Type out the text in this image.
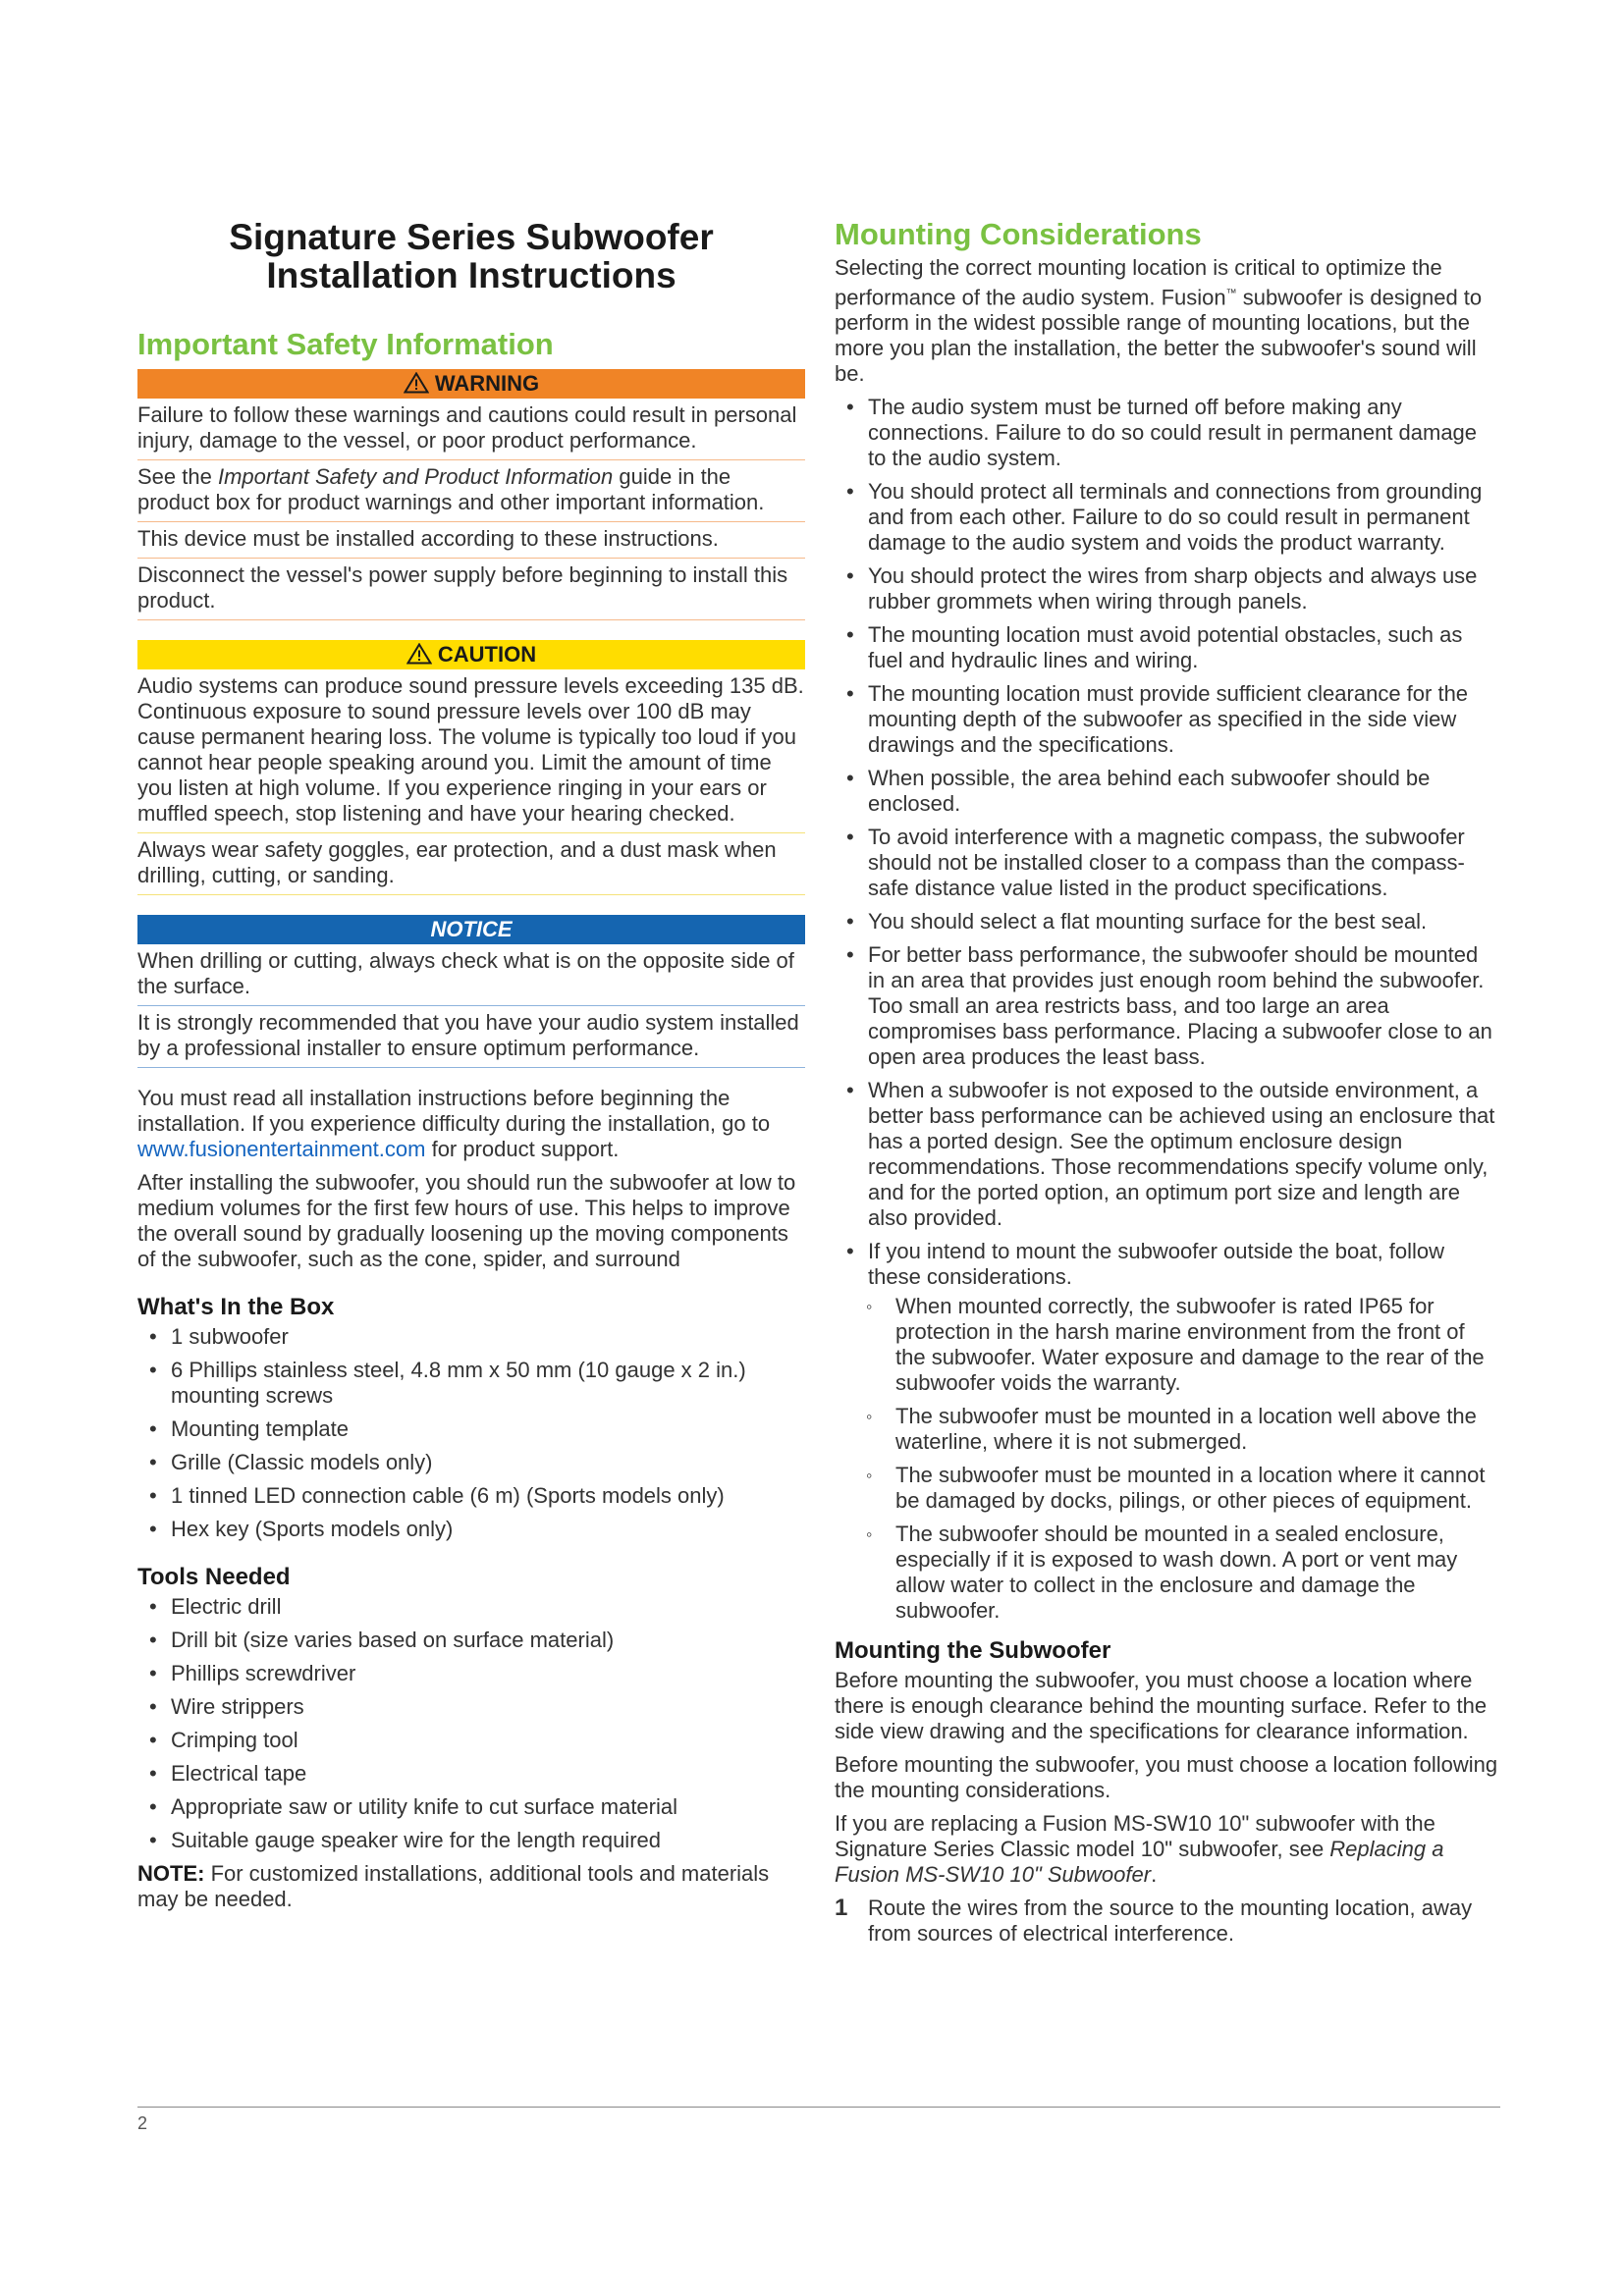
Signature Series Subwoofer
Installation Instructions
Important Safety Information
WARNING
Failure to follow these warnings and cautions could result in personal injury, damage to the vessel, or poor product performance.
See the Important Safety and Product Information guide in the product box for product warnings and other important information.
This device must be installed according to these instructions.
Disconnect the vessel's power supply before beginning to install this product.
CAUTION
Audio systems can produce sound pressure levels exceeding 135 dB. Continuous exposure to sound pressure levels over 100 dB may cause permanent hearing loss. The volume is typically too loud if you cannot hear people speaking around you. Limit the amount of time you listen at high volume. If you experience ringing in your ears or muffled speech, stop listening and have your hearing checked.
Always wear safety goggles, ear protection, and a dust mask when drilling, cutting, or sanding.
NOTICE
When drilling or cutting, always check what is on the opposite side of the surface.
It is strongly recommended that you have your audio system installed by a professional installer to ensure optimum performance.

You must read all installation instructions before beginning the installation. If you experience difficulty during the installation, go to www.fusionentertainment.com for product support.

After installing the subwoofer, you should run the subwoofer at low to medium volumes for the first few hours of use. This helps to improve the overall sound by gradually loosening up the moving components of the subwoofer, such as the cone, spider, and surround

What's In the Box
• 1 subwoofer
• 6 Phillips stainless steel, 4.8 mm x 50 mm (10 gauge x 2 in.) mounting screws
• Mounting template
• Grille (Classic models only)
• 1 tinned LED connection cable (6 m) (Sports models only)
• Hex key (Sports models only)
Tools Needed
• Electric drill
• Drill bit (size varies based on surface material)
• Phillips screwdriver
• Wire strippers
• Crimping tool
• Electrical tape
• Appropriate saw or utility knife to cut surface material
• Suitable gauge speaker wire for the length required

NOTE: For customized installations, additional tools and materials may be needed.

Mounting Considerations

Selecting the correct mounting location is critical to optimize the performance of the audio system. Fusion™ subwoofer is designed to perform in the widest possible range of mounting locations, but the more you plan the installation, the better the subwoofer's sound will be.

• The audio system must be turned off before making any connections. Failure to do so could result in permanent damage to the audio system.
• You should protect all terminals and connections from grounding and from each other. Failure to do so could result in permanent damage to the audio system and voids the product warranty.
• You should protect the wires from sharp objects and always use rubber grommets when wiring through panels.
• The mounting location must avoid potential obstacles, such as fuel and hydraulic lines and wiring.
• The mounting location must provide sufficient clearance for the mounting depth of the subwoofer as specified in the side view drawings and the specifications.
• When possible, the area behind each subwoofer should be enclosed.
• To avoid interference with a magnetic compass, the subwoofer should not be installed closer to a compass than the compass-safe distance value listed in the product specifications.
• You should select a flat mounting surface for the best seal.
• For better bass performance, the subwoofer should be mounted in an area that provides just enough room behind the subwoofer. Too small an area restricts bass, and too large an area compromises bass performance. Placing a subwoofer close to an open area produces the least bass.
• When a subwoofer is not exposed to the outside environment, a better bass performance can be achieved using an enclosure that has a ported design. See the optimum enclosure design recommendations. Those recommendations specify volume only, and for the ported option, an optimum port size and length are also provided.
• If you intend to mount the subwoofer outside the boat, follow these considerations.
◦ When mounted correctly, the subwoofer is rated IP65 for protection in the harsh marine environment from the front of the subwoofer. Water exposure and damage to the rear of the subwoofer voids the warranty.
◦ The subwoofer must be mounted in a location well above the waterline, where it is not submerged.
◦ The subwoofer must be mounted in a location where it cannot be damaged by docks, pilings, or other pieces of equipment.
◦ The subwoofer should be mounted in a sealed enclosure, especially if it is exposed to wash down. A port or vent may allow water to collect in the enclosure and damage the subwoofer.
Mounting the Subwoofer

Before mounting the subwoofer, you must choose a location where there is enough clearance behind the mounting surface. Refer to the side view drawing and the specifications for clearance information.

Before mounting the subwoofer, you must choose a location following the mounting considerations.

If you are replacing a Fusion MS-SW10 10" subwoofer with the Signature Series Classic model 10" subwoofer, see Replacing a Fusion MS-SW10 10" Subwoofer.

1 Route the wires from the source to the mounting location, away from sources of electrical interference.
2
